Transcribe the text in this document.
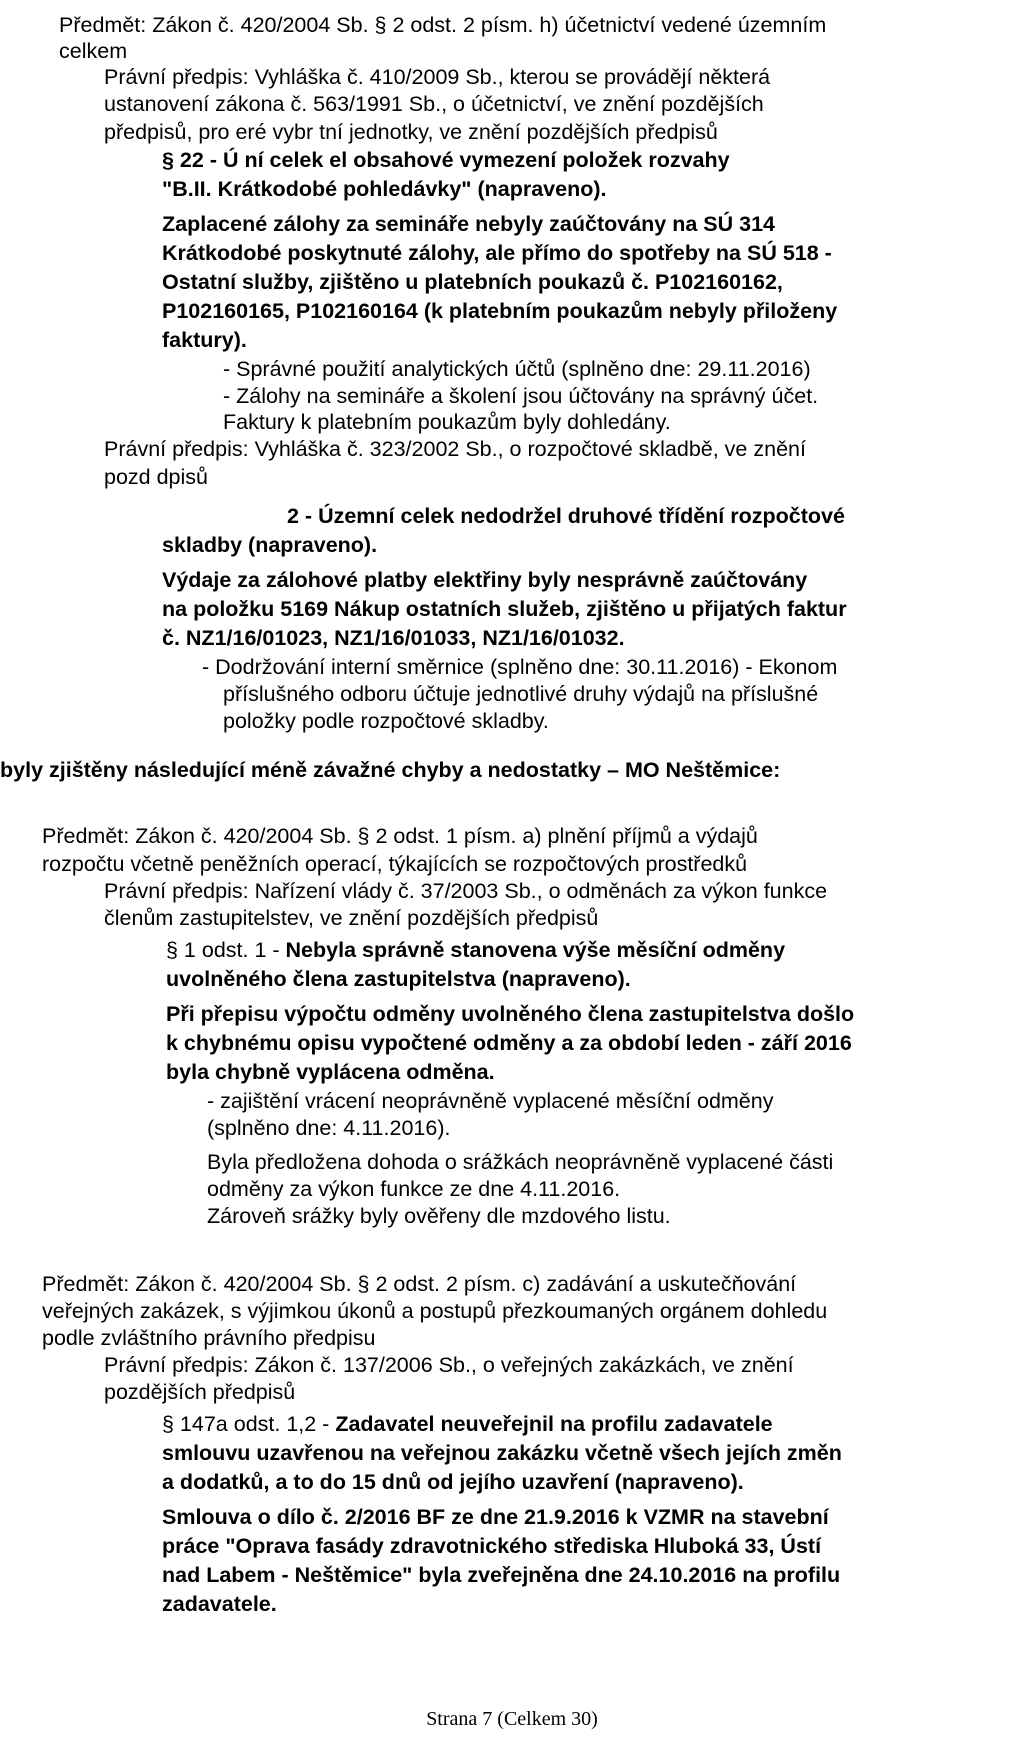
Předmět: Zákon č. 420/2004 Sb. § 2 odst. 2 písm. h) účetnictví vedené územním
celkem
Právní předpis: Vyhláška č. 410/2009 Sb., kterou se provádějí některá
ustanovení zákona č. 563/1991 Sb., o účetnictví, ve znění pozdějších
předpisů, pro eré vybr tní jednotky, ve znění pozdějších předpisů
§ 22 - Ú ní celek el obsahové vymezení položek rozvahy
"B.II. Krátkodobé pohledávky" (napraveno).
Zaplacené zálohy za semináře nebyly zaúčtovány na SÚ 314
Krátkodobé poskytnuté zálohy, ale přímo do spotřeby na SÚ 518 -
Ostatní služby, zjištěno u platebních poukazů č. P102160162,
P102160165, P102160164 (k platebním poukazům nebyly přiloženy
faktury).
- Správné použití analytických účtů (splněno dne: 29.11.2016)
- Zálohy na semináře a školení jsou účtovány na správný účet.
Faktury k platebním poukazům byly dohledány.
Právní předpis: Vyhláška č. 323/2002 Sb., o rozpočtové skladbě, ve znění
pozd dpisů
2 - Územní celek nedodržel druhové třídění rozpočtové
skladby (napraveno).
Výdaje za zálohové platby elektřiny byly nesprávně zaúčtovány
na položku 5169 Nákup ostatních služeb, zjištěno u přijatých faktur
č. NZ1/16/01023, NZ1/16/01033, NZ1/16/01032.
- Dodržování interní směrnice (splněno dne: 30.11.2016) - Ekonom
příslušného odboru účtuje jednotlivé druhy výdajů na příslušné
položky podle rozpočtové skladby.
byly zjištěny následující méně závažné chyby a nedostatky – MO Neštěmice:
Předmět: Zákon č. 420/2004 Sb. § 2 odst. 1 písm. a) plnění příjmů a výdajů
rozpočtu včetně peněžních operací, týkajících se rozpočtových prostředků
Právní předpis: Nařízení vlády č. 37/2003 Sb., o odměnách za výkon funkce
členům zastupitelstev, ve znění pozdějších předpisů
§ 1 odst. 1 - Nebyla správně stanovena výše měsíční odměny
uvolněného člena zastupitelstva (napraveno).
Při přepisu výpočtu odměny uvolněného člena zastupitelstva došlo
k chybnému opisu vypočtené odměny a za období leden - září 2016
byla chybně vyplácena odměna.
- zajištění vrácení neoprávněně vyplacené měsíční odměny
(splněno dne: 4.11.2016).
Byla předložena dohoda o srážkách neoprávněně vyplacené části
odměny za výkon funkce ze dne 4.11.2016.
Zároveň srážky byly ověřeny dle mzdového listu.
Předmět: Zákon č. 420/2004 Sb. § 2 odst. 2 písm. c) zadávání a uskutečňování
veřejných zakázek, s výjimkou úkonů a postupů přezkoumaných orgánem dohledu
podle zvláštního právního předpisu
Právní předpis: Zákon č. 137/2006 Sb., o veřejných zakázkách, ve znění
pozdějších předpisů
§ 147a odst. 1,2 - Zadavatel neuveřejnil na profilu zadavatele
smlouvu uzavřenou na veřejnou zakázku včetně všech jejích změn
a dodatků, a to do 15 dnů od jejího uzavření (napraveno).
Smlouva o dílo č. 2/2016 BF ze dne 21.9.2016 k VZMR na stavební
práce "Oprava fasády zdravotnického střediska Hluboká 33, Ústí
nad Labem - Neštěmice" byla zveřejněna dne 24.10.2016 na profilu
zadavatele.
Strana 7 (Celkem 30)
